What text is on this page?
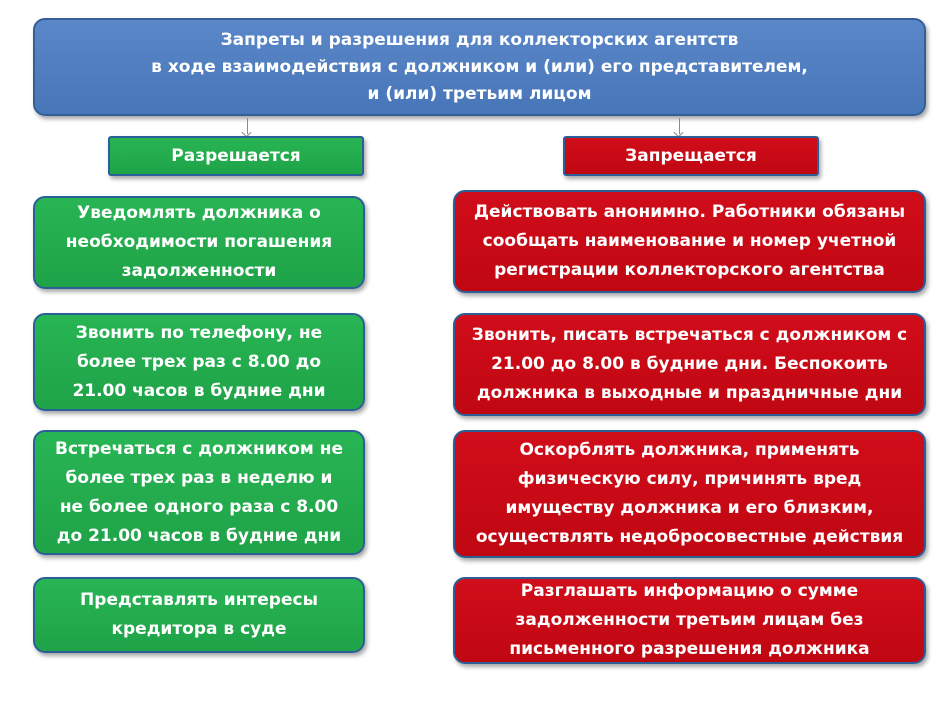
Запреты и разрешения для коллекторских агентств
в ходе взаимодействия с должником и (или) его представителем,
и (или) третьим лицом
Разрешается	Запрещается
Уведомлять должника о
необходимости погашения
задолженности
Звонить по телефону, не
более трех раз с 8.00 до
21.00 часов в будние дни
Встречаться с должником не
более трех раз в неделю и
не более одного раза с 8.00
до 21.00 часов в будние дни
Представлять интересы
кредитора в суде
Действовать анонимно. Работники обязаны
сообщать наименование и номер учетной
регистрации коллекторского агентства
Звонить, писать встречаться с должником с
21.00 до 8.00 в будние дни. Беспокоить
должника в выходные и праздничные дни
Оскорблять должника, применять
физическую силу, причинять вред
имуществу должника и его близким,
осуществлять недобросовестные действия
Разглашать информацию о сумме
задолженности третьим лицам без
письменного разрешения должника
